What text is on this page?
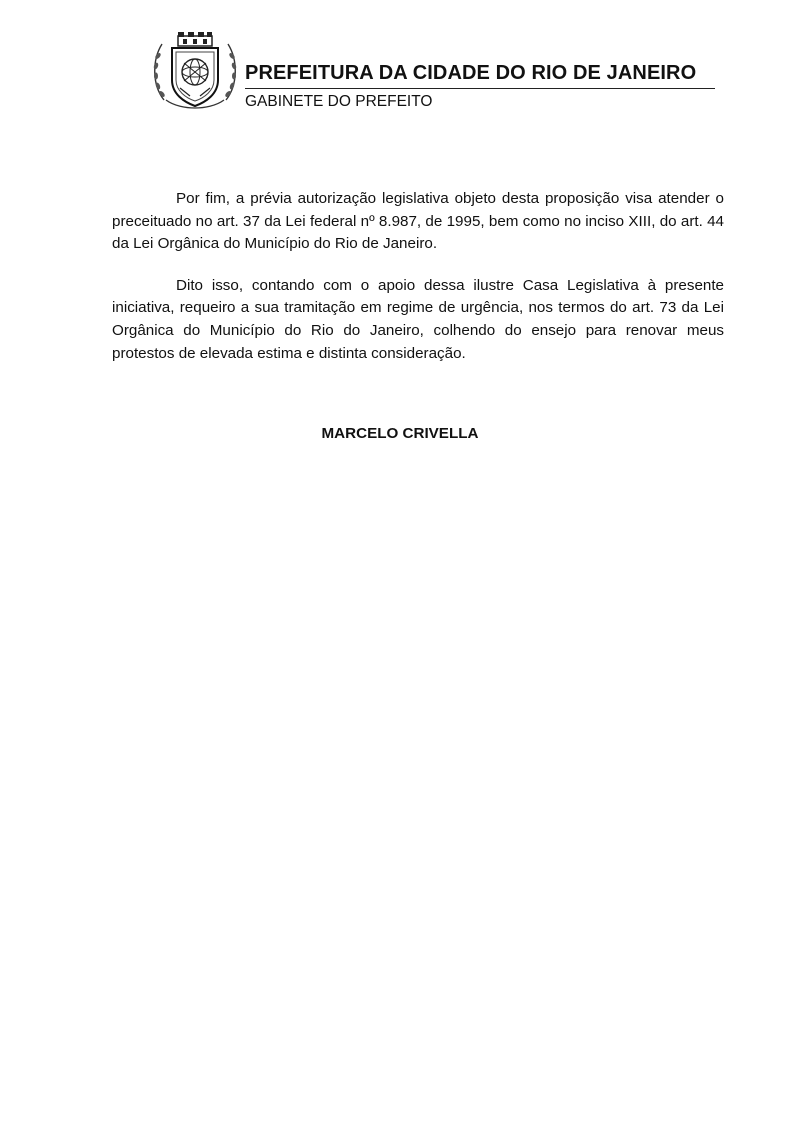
PREFEITURA DA CIDADE DO RIO DE JANEIRO
GABINETE DO PREFEITO

Por fim, a prévia autorização legislativa objeto desta proposição visa atender o preceituado no art. 37 da Lei federal nº 8.987, de 1995, bem como no inciso XIII, do art. 44 da Lei Orgânica do Município do Rio de Janeiro.

Dito isso, contando com o apoio dessa ilustre Casa Legislativa à presente iniciativa, requeiro a sua tramitação em regime de urgência, nos termos do art. 73 da Lei Orgânica do Município do Rio do Janeiro, colhendo do ensejo para renovar meus protestos de elevada estima e distinta consideração.

MARCELO CRIVELLA
